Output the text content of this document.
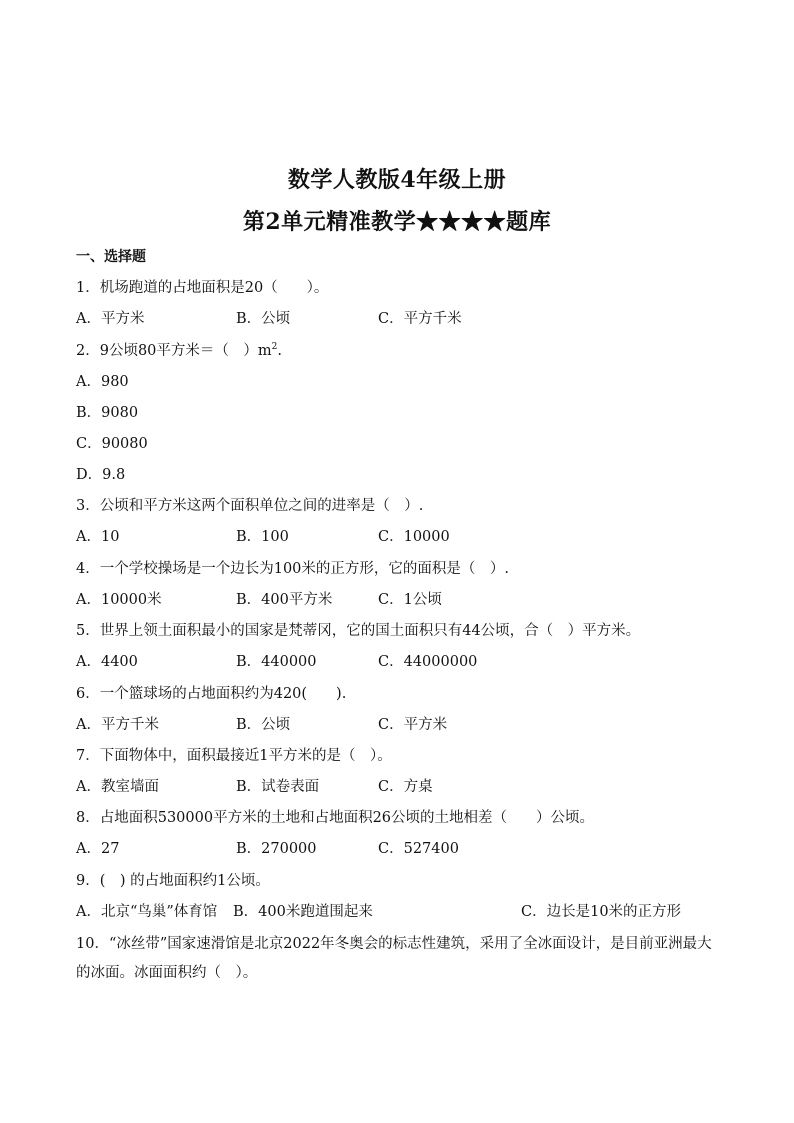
数学人教版4年级上册
第2单元精准教学★★★★题库
一、选择题
1．机场跑道的占地面积是20（　　）。
A．平方米	B．公顷	C．平方千米
2．9公顷80平方米＝（　）$m^2$.
A．980
B．9080
C．90080
D．9.8
3．公顷和平方米这两个面积单位之间的进率是（　）.
A．10	B．100	C．10000
4．一个学校操场是一个边长为100米的正方形，它的面积是（　）.
A．10000米	B．400平方米	C．1公顷
5．世界上领土面积最小的国家是梵蒂冈，它的国土面积只有44公顷，合（　）平方米。
A．4400	B．440000	C．44000000
6．一个篮球场的占地面积约为420(　　).
A．平方千米	B．公顷	C．平方米
7．下面物体中，面积最接近1平方米的是（　）。
A．教室墙面	B．试卷表面	C．方桌
8．占地面积530000平方米的土地和占地面积26公顷的土地相差（　　）公顷。
A．27	B．270000	C．527400
9．(　) 的占地面积约1公顷。
A．北京“鸟巢”体育馆 B．400米跑道围起来	C．边长是10米的正方形
10．“冰丝带”国家速滑馆是北京2022年冬奥会的标志性建筑，采用了全冰面设计，是目前亚洲最大的冰面。冰面面积约（　）。
